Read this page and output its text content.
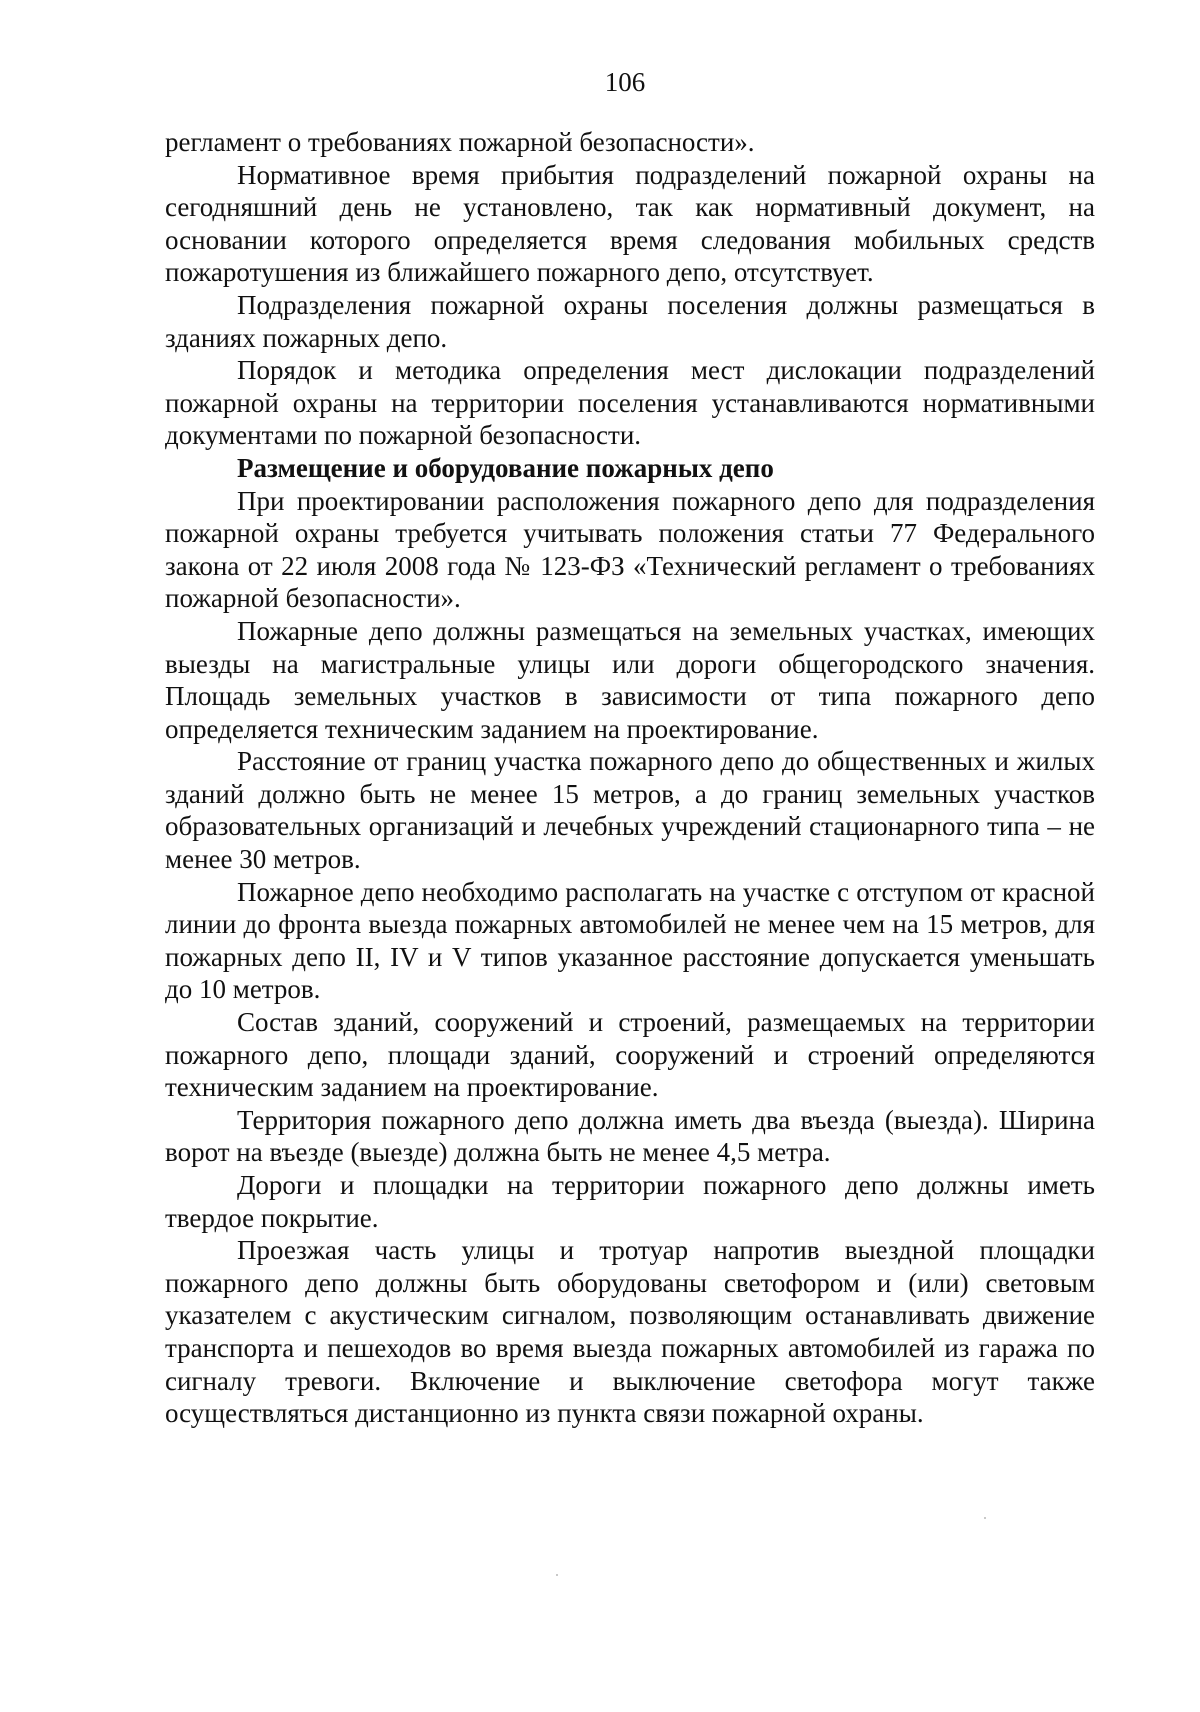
106

регламент о требованиях пожарной безопасности».

Нормативное время прибытия подразделений пожарной охраны на сегодняшний день не установлено, так как нормативный документ, на основании которого определяется время следования мобильных средств пожаротушения из ближайшего пожарного депо, отсутствует.

Подразделения пожарной охраны поселения должны размещаться в зданиях пожарных депо.

Порядок и методика определения мест дислокации подразделений пожарной охраны на территории поселения устанавливаются нормативными документами по пожарной безопасности.

Размещение и оборудование пожарных депо

При проектировании расположения пожарного депо для подразделения пожарной охраны требуется учитывать положения статьи 77 Федерального закона от 22 июля 2008 года № 123-ФЗ «Технический регламент о требованиях пожарной безопасности».

Пожарные депо должны размещаться на земельных участках, имеющих выезды на магистральные улицы или дороги общегородского значения. Площадь земельных участков в зависимости от типа пожарного депо определяется техническим заданием на проектирование.

Расстояние от границ участка пожарного депо до общественных и жилых зданий должно быть не менее 15 метров, а до границ земельных участков образовательных организаций и лечебных учреждений стационарного типа – не менее 30 метров.

Пожарное депо необходимо располагать на участке с отступом от красной линии до фронта выезда пожарных автомобилей не менее чем на 15 метров, для пожарных депо II, IV и V типов указанное расстояние допускается уменьшать до 10 метров.

Состав зданий, сооружений и строений, размещаемых на территории пожарного депо, площади зданий, сооружений и строений определяются техническим заданием на проектирование.

Территория пожарного депо должна иметь два въезда (выезда). Ширина ворот на въезде (выезде) должна быть не менее 4,5 метра.

Дороги и площадки на территории пожарного депо должны иметь твердое покрытие.

Проезжая часть улицы и тротуар напротив выездной площадки пожарного депо должны быть оборудованы светофором и (или) световым указателем с акустическим сигналом, позволяющим останавливать движение транспорта и пешеходов во время выезда пожарных автомобилей из гаража по сигналу тревоги. Включение и выключение светофора могут также осуществляться дистанционно из пункта связи пожарной охраны.
